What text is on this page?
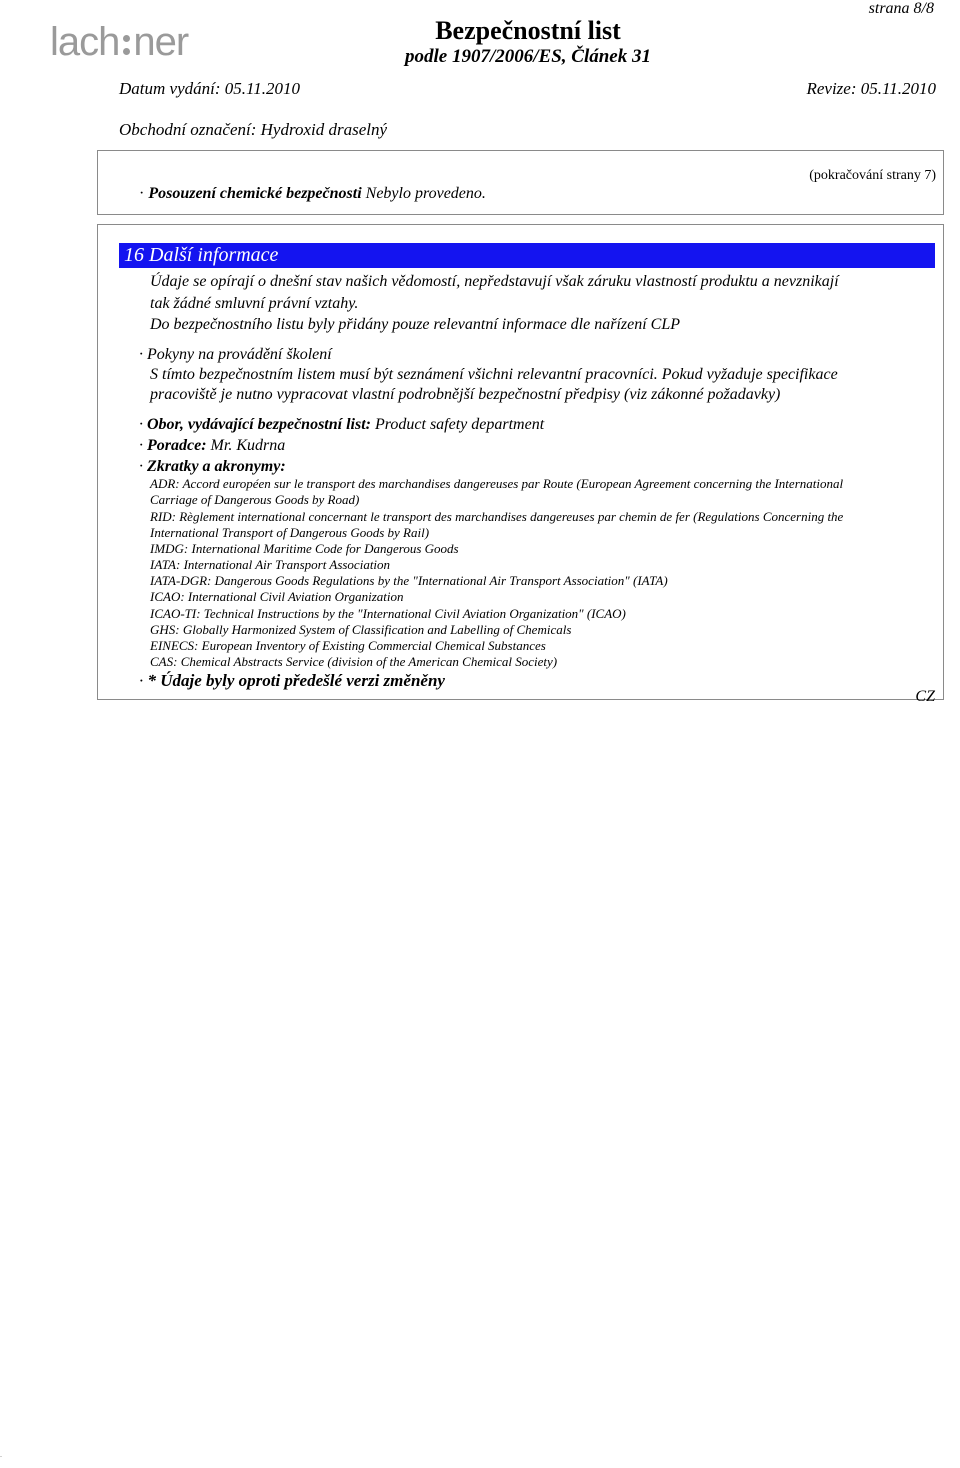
lach ner	Bezpečnostní list
podle 1907/2006/ES, Článek 31
strana 8/8
Datum vydání: 05.11.2010	Revize: 05.11.2010
Obchodní označení: Hydroxid draselný
(pokračování strany 7)
· Posouzení chemické bezpečnosti Nebylo provedeno.
16 Další informace
Údaje se opírají o dnešní stav našich vědomostí, nepředstavují však záruku vlastností produktu a nevznikají
tak žádné smluvní právní vztahy.
Do bezpečnostního listu byly přidány pouze relevantní informace dle nařízení CLP
· Pokyny na provádění školení
S tímto bezpečnostním listem musí být seznámení všichni relevantní pracovníci. Pokud vyžaduje specifikace
pracoviště je nutno vypracovat vlastní podrobnější bezpečnostní předpisy (viz zákonné požadavky)
· Obor, vydávající bezpečnostní list: Product safety department
· Poradce: Mr. Kudrna
· Zkratky a akronymy:
ADR: Accord européen sur le transport des marchandises dangereuses par Route (European Agreement concerning the International
Carriage of Dangerous Goods by Road)
RID: Règlement international concernant le transport des marchandises dangereuses par chemin de fer (Regulations Concerning the
International Transport of Dangerous Goods by Rail)
IMDG: International Maritime Code for Dangerous Goods
IATA: International Air Transport Association
IATA-DGR: Dangerous Goods Regulations by the "International Air Transport Association" (IATA)
ICAO: International Civil Aviation Organization
ICAO-TI: Technical Instructions by the "International Civil Aviation Organization" (ICAO)
GHS: Globally Harmonized System of Classification and Labelling of Chemicals
EINECS: European Inventory of Existing Commercial Chemical Substances
CAS: Chemical Abstracts Service (division of the American Chemical Society)
· * Údaje byly oproti předešlé verzi změněny
CZ
.
